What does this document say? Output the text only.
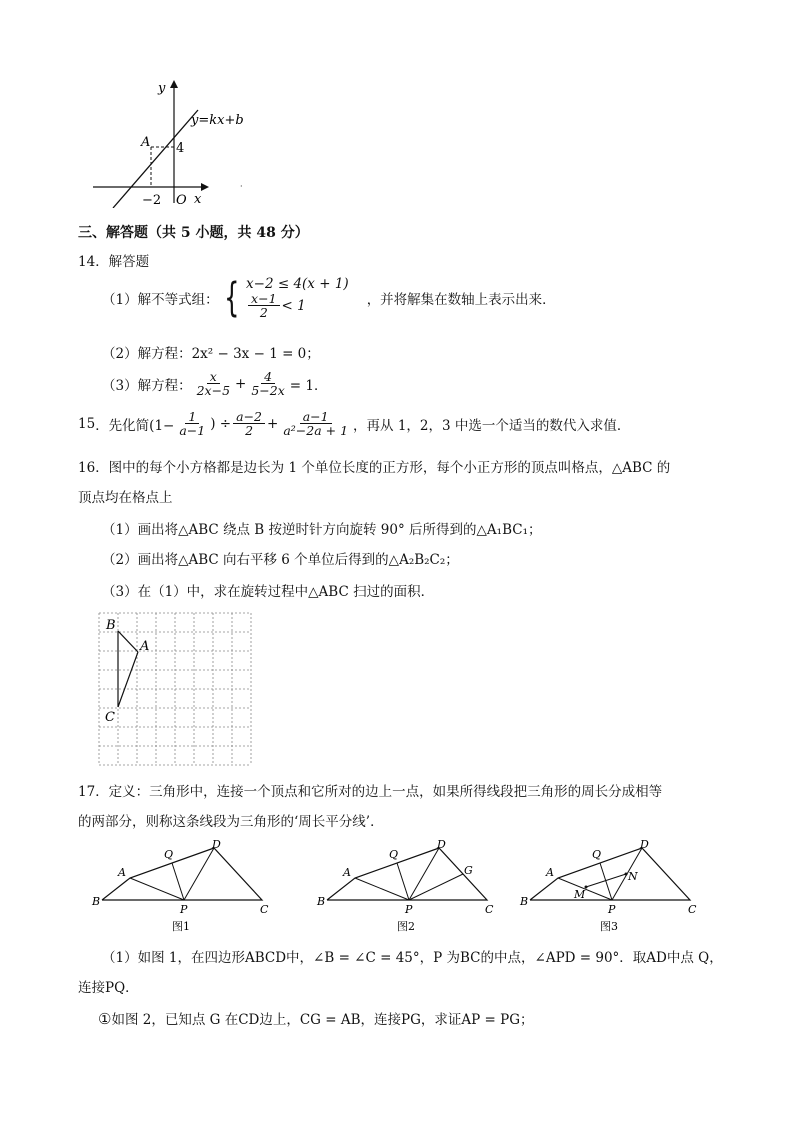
y
x
O
y=kx+b
A 4
−2
·
三、解答题（共 5 小题，共 48 分）
14．解答题
（1）解不等式组： { x−2 ≤ 4(x + 1)
$\frac{x-1}{2} < 1$	，并将解集在数轴上表示出来．
（2）解方程：2x² − 3x − 1 = 0；
（3）解方程： $\frac{x}{2x-5} + \frac{4}{5-2x} = 1$．
15 ．先化简($1- \frac{1}{a-1}$ ) ÷ $\frac{a-2}{2} + \frac{a-1}{\text{a²−2a + 1}}$ ，再从 1，2，3 中选一个适当的数代入求值．
16．图中的每个小方格都是边长为 1 个单位长度的正方形，每个小正方形的顶点叫格点，△ABC 的
顶点均在格点上
（1）画出将△ABC 绕点 B 按逆时针方向旋转 90° 后所得到的△A₁BC₁；
（2）画出将△ABC 向右平移 6 个单位后得到的△A₂B₂C₂；
（3）在（1）中，求在旋转过程中△ABC 扫过的面积．
B
A
C
17．定义：三角形中，连接一个顶点和它所对的边上一点，如果所得线段把三角形的周长分成相等
的两部分，则称这条线段为三角形的‘周长平分线’．
A
Q
D
B
P	C
图1
A
Q
D
G
B
P	C
图2
A
Q
D
M
N
B
P	C
图3
（1）如图 1，在四边形ABCD中，∠B = ∠C = 45°，P 为BC的中点，∠APD = 90°．取AD中点 Q，
连接PQ．
①如图 2，已知点 G 在CD边上，CG = AB，连接PG，求证AP = PG；
